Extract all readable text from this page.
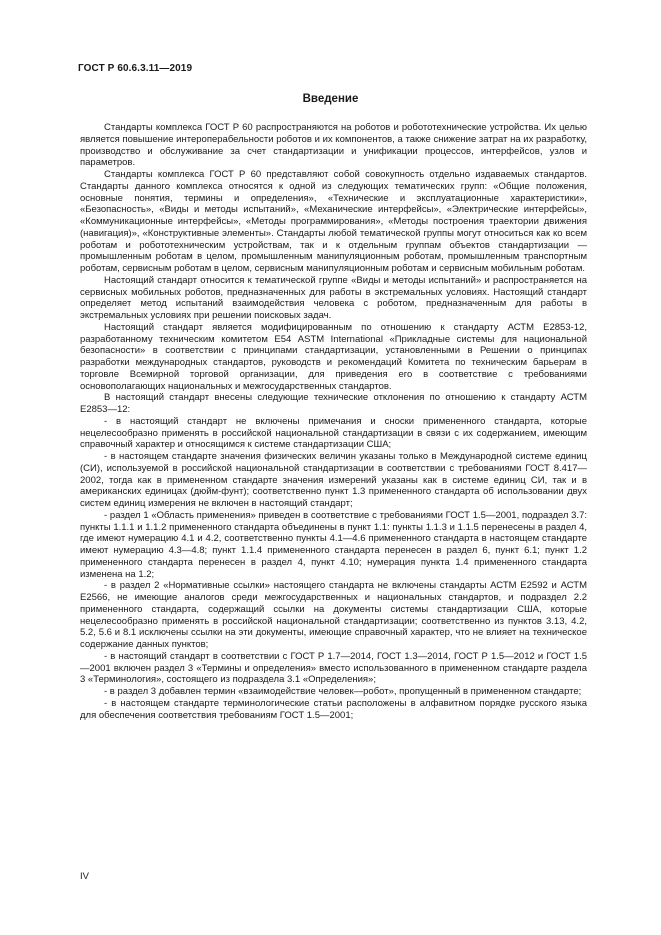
ГОСТ Р 60.6.3.11—2019
Введение

Стандарты комплекса ГОСТ Р 60 распространяются на роботов и робототехнические устройства. Их целью является повышение интероперабельности роботов и их компонентов, а также снижение затрат на их разработку, производство и обслуживание за счет стандартизации и унификации процессов, интерфейсов, узлов и параметров.

Стандарты комплекса ГОСТ Р 60 представляют собой совокупность отдельно издаваемых стандартов. Стандарты данного комплекса относятся к одной из следующих тематических групп: «Общие положения, основные понятия, термины и определения», «Технические и эксплуатационные характеристики», «Безопасность», «Виды и методы испытаний», «Механические интерфейсы», «Электрические интерфейсы», «Коммуникационные интерфейсы», «Методы программирования», «Методы построения траектории движения (навигация)», «Конструктивные элементы». Стандарты любой тематической группы могут относиться как ко всем роботам и робототехническим устройствам, так и к отдельным группам объектов стандартизации — промышленным роботам в целом, промышленным манипуляционным роботам, промышленным транспортным роботам, сервисным роботам в целом, сервисным манипуляционным роботам и сервисным мобильным роботам.

Настоящий стандарт относится к тематической группе «Виды и методы испытаний» и распространяется на сервисных мобильных роботов, предназначенных для работы в экстремальных условиях. Настоящий стандарт определяет метод испытаний взаимодействия человека с роботом, предназначенным для работы в экстремальных условиях при решении поисковых задач.

Настоящий стандарт является модифицированным по отношению к стандарту АСТМ Е2853-12, разработанному техническим комитетом Е54 ASTM International «Прикладные системы для национальной безопасности» в соответствии с принципами стандартизации, установленными в Решении о принципах разработки международных стандартов, руководств и рекомендаций Комитета по техническим барьерам в торговле Всемирной торговой организации, для приведения его в соответствие с требованиями основополагающих национальных и межгосударственных стандартов.

В настоящий стандарт внесены следующие технические отклонения по отношению к стандарту АСТМ Е2853—12:

- в настоящий стандарт не включены примечания и сноски примененного стандарта, которые нецелесообразно применять в российской национальной стандартизации в связи с их содержанием, имеющим справочный характер и относящимся к системе стандартизации США;

- в настоящем стандарте значения физических величин указаны только в Международной системе единиц (СИ), используемой в российской национальной стандартизации в соответствии с требованиями ГОСТ 8.417—2002, тогда как в примененном стандарте значения измерений указаны как в системе единиц СИ, так и в американских единицах (дюйм-фунт); соответственно пункт 1.3 примененного стандарта об использовании двух систем единиц измерения не включен в настоящий стандарт;

- раздел 1 «Область применения» приведен в соответствие с требованиями ГОСТ 1.5—2001, подраздел 3.7: пункты 1.1.1 и 1.1.2 примененного стандарта объединены в пункт 1.1: пункты 1.1.3 и 1.1.5 перенесены в раздел 4, где имеют нумерацию 4.1 и 4.2, соответственно пункты 4.1—4.6 примененного стандарта в настоящем стандарте имеют нумерацию 4.3—4.8; пункт 1.1.4 примененного стандарта перенесен в раздел 6, пункт 6.1; пункт 1.2 примененного стандарта перенесен в раздел 4, пункт 4.10; нумерация пункта 1.4 примененного стандарта изменена на 1.2;

- в раздел 2 «Нормативные ссылки» настоящего стандарта не включены стандарты АСТМ Е2592 и АСТМ Е2566, не имеющие аналогов среди межгосударственных и национальных стандартов, и подраздел 2.2 примененного стандарта, содержащий ссылки на документы системы стандартизации США, которые нецелесообразно применять в российской национальной стандартизации; соответственно из пунктов 3.13, 4.2, 5.2, 5.6 и 8.1 исключены ссылки на эти документы, имеющие справочный характер, что не влияет на техническое содержание данных пунктов;

- в настоящий стандарт в соответствии с ГОСТ Р 1.7—2014, ГОСТ 1.3—2014, ГОСТ Р 1.5—2012 и ГОСТ 1.5—2001 включен раздел 3 «Термины и определения» вместо использованного в примененном стандарте раздела 3 «Терминология», состоящего из подраздела 3.1 «Определения»;

- в раздел 3 добавлен термин «взаимодействие человек—робот», пропущенный в примененном стандарте;

- в настоящем стандарте терминологические статьи расположены в алфавитном порядке русского языка для обеспечения соответствия требованиям ГОСТ 1.5—2001;

IV
